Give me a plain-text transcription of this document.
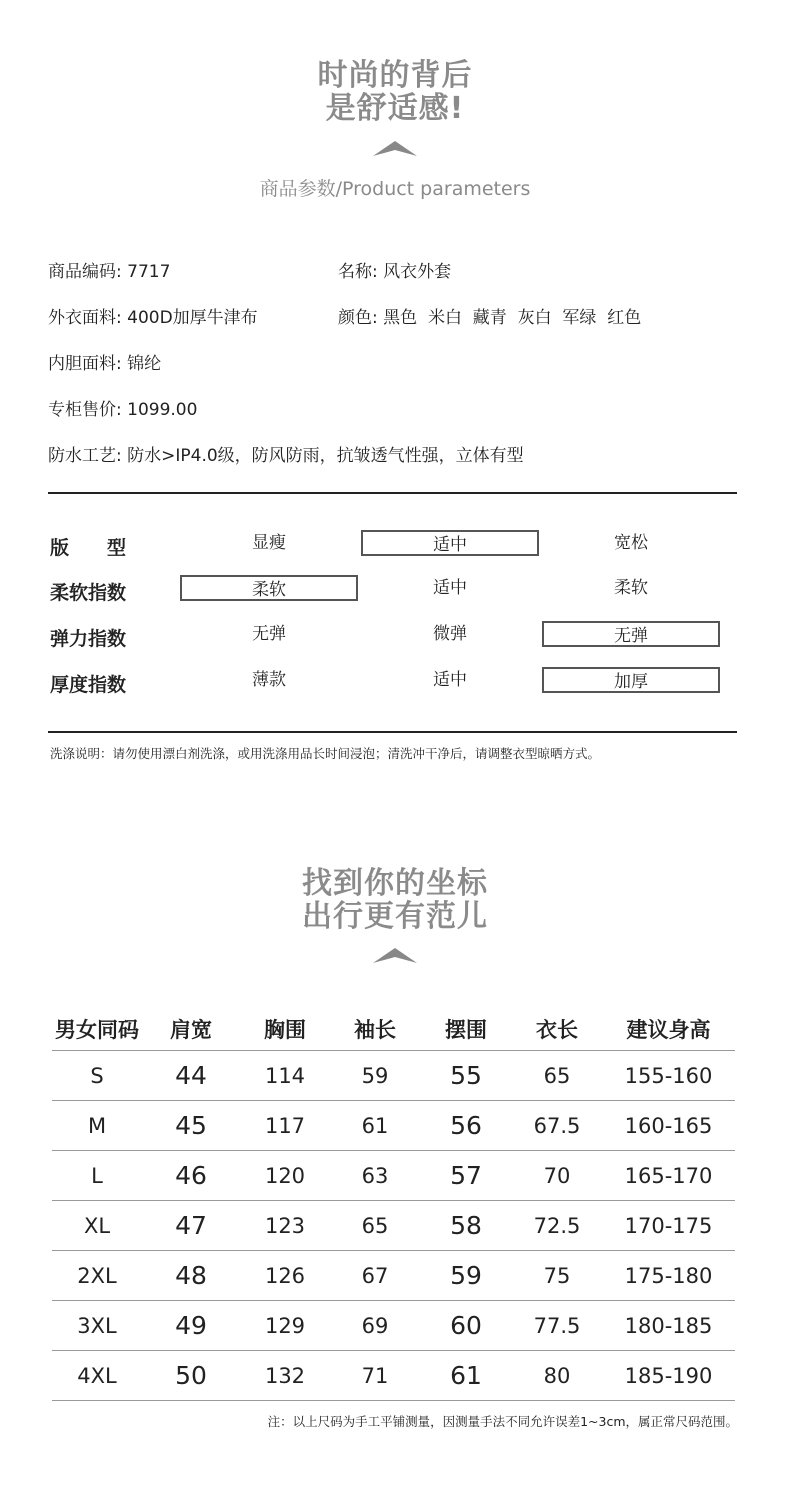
时尚的背后
是舒适感!
商品参数/Product parameters
商品编码: 7717	名称: 风衣外套
外衣面料: 400D加厚牛津布	颜色: 黑色 米白 藏青 灰白 军绿 红色
内胆面料: 锦纶
专柜售价: 1099.00
防水工艺: 防水>IP4.0级，防风防雨，抗皱透气性强，立体有型
版　　型	显瘦	适中	宽松
柔软指数	柔软	适中	柔软
弹力指数	无弹	微弹	无弹
厚度指数	薄款	适中	加厚
洗涤说明：请勿使用漂白剂洗涤，或用洗涤用品长时间浸泡；清洗冲干净后，请调整衣型晾晒方式。
找到你的坐标
出行更有范儿
男女同码	肩宽	胸围	袖长	摆围	衣长	建议身高
S	44	114	59	55	65	155-160
M	45	117	61	56	67.5	160-165
L	46	120	63	57	70	165-170
XL	47	123	65	58	72.5	170-175
2XL	48	126	67	59	75	175-180
3XL	49	129	69	60	77.5	180-185
4XL	50	132	71	61	80	185-190
注：以上尺码为手工平铺测量，因测量手法不同允许误差1~3cm，属正常尺码范围。
